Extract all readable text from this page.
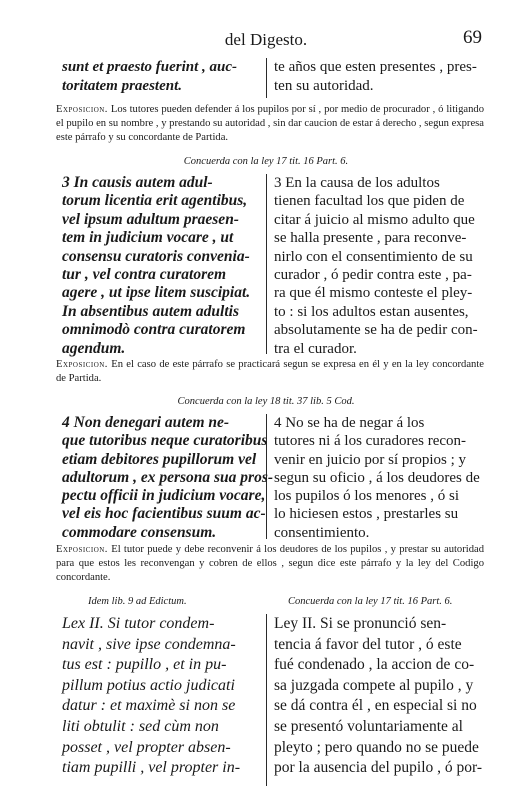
del Digesto.	69
sunt et praesto fuerint , auc-
toritatem praestent.
te años que esten presentes , pres-
ten su autoridad.
Exposicion. Los tutores pueden defender á los pupilos por sí , por medio de procurador , ó litigando el pupilo en su nombre , y prestando su autoridad , sin dar caucion de estar á derecho , segun expresa este párrafo y su concordante de Partida.
Concuerda con la ley 17 tit. 16 Part. 6.
3 In causis autem adul-
torum licentia erit agentibus,
vel ipsum adultum praesen-
tem in judicium vocare , ut
consensu curatoris convenia-
tur , vel contra curatorem
agere , ut ipse litem suscipiat.
In absentibus autem adultis
omnimodò contra curatorem
agendum.
3 En la causa de los adultos
tienen facultad los que piden de
citar á juicio al mismo adulto que
se halla presente , para reconve-
nirlo con el consentimiento de su
curador , ó pedir contra este , pa-
ra que él mismo conteste el pley-
to : si los adultos estan ausentes,
absolutamente se ha de pedir con-
tra el curador.
Exposicion. En el caso de este párrafo se practicará segun se expresa en él y en la ley concordante de Partida.
Concuerda con la ley 18 tit. 37 lib. 5 Cod.
4 Non denegari autem ne-
que tutoribus neque curatoribus
etiam debitores pupillorum vel
adultorum , ex persona sua pros-
pectu officii in judicium vocare,
vel eis hoc facientibus suum ac-
commodare consensum.
4 No se ha de negar á los
tutores ni á los curadores recon-
venir en juicio por sí propios ; y
segun su oficio , á los deudores de
los pupilos ó los menores , ó si
lo hiciesen estos , prestarles su
consentimiento.
Exposicion. El tutor puede y debe reconvenir á los deudores de los pupilos , y prestar su autoridad para que estos les reconvengan y cobren de ellos , segun dice este párrafo y la ley del Codigo concordante.
Idem lib. 9 ad Edictum.	Concuerda con la ley 17 tit. 16 Part. 6.
Lex II. Si tutor condem-
navit , sive ipse condemna-
tus est : pupillo , et in pu-
pillum potius actio judicati
datur : et maximè si non se
liti obtulit : sed cùm non
posset , vel propter absen-
tiam pupilli , vel propter in-
Ley II. Si se pronunció sen-
tencia á favor del tutor , ó este
fué condenado , la accion de co-
sa juzgada compete al pupilo , y
se dá contra él , en especial si no
se presentó voluntariamente al
pleyto ; pero quando no se puede
por la ausencia del pupilo , ó por-
